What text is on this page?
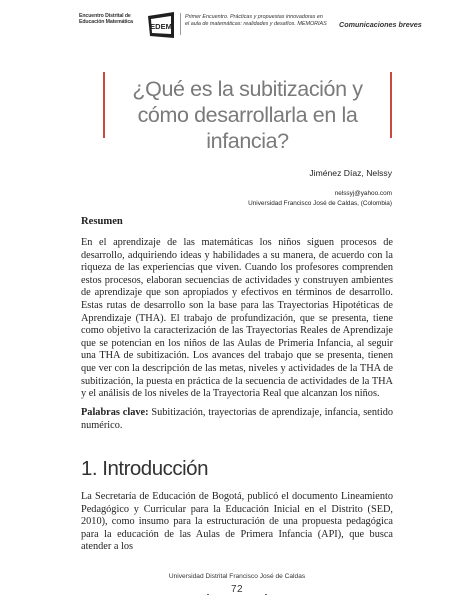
Encuentro Distrital de
Educación Matemática	EDEM
Primer Encuentro. Prácticas y propuestas innovadoras en
el aula de matemáticas: realidades y desafíos. MEMORIAS	Comunicaciones breves
¿Qué es la subitización y cómo desarrollarla en la infancia?
Jiménez Díaz, Nelssy
nelssyj@yahoo.com
Universidad Francisco José de Caldas, (Colombia)
Resumen
En el aprendizaje de las matemáticas los niños siguen procesos de desarrollo, adquiriendo ideas y habilidades a su manera, de acuerdo con la riqueza de las experiencias que viven. Cuando los profesores comprenden estos procesos, elaboran secuencias de actividades y construyen ambientes de aprendizaje que son apropiados y efectivos en términos de desarrollo. Estas rutas de desarrollo son la base para las Trayectorias Hipotéticas de Aprendizaje (THA). El trabajo de profundización, que se presenta, tiene como objetivo la caracterización de las Trayectorias Reales de Aprendizaje que se potencian en los niños de las Aulas de Primeria Infancia, al seguir una THA de subitización. Los avances del trabajo que se presenta, tienen que ver con la descripción de las metas, niveles y actividades de la THA de subitización, la puesta en práctica de la secuencia de actividades de la THA y el análisis de los niveles de la Trayectoria Real que alcanzan los niños.
Palabras clave: Subitización, trayectorias de aprendizaje, infancia, sentido numérico.
1. Introducción
La Secretaría de Educación de Bogotá, publicó el documento Lineamiento Pedagógico y Curricular para la Educación Inicial en el Distrito (SED, 2010), como insumo para la estructuración de una propuesta pedagógica para la educación de las Aulas de Primera Infancia (API), que busca atender a los
Universidad Distrital Francisco José de Caldas
72
